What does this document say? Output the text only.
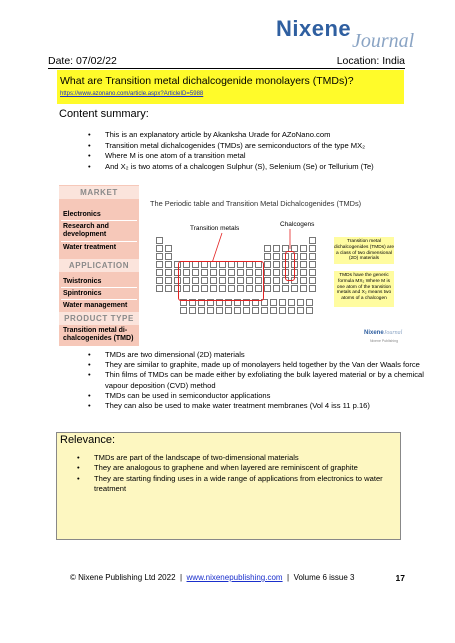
Nixene Journal
Date: 07/02/22	Location: India
What are Transition metal dichalcogenide monolayers (TMDs)?
https://www.azonano.com/article.aspx?ArticleID=5988
Content summary:
• This is an explanatory article by Akanksha Urade for AZoNano.com
• Transition metal dichalcogenides (TMDs) are semiconductors of the type MX₂
• Where M is one atom of a transition metal
• And X₂ is two atoms of a chalcogen Sulphur (S), Selenium (Se) or Tellurium (Te)
MARKET
Electronics
Research and development
Water treatment
APPLICATION
Twistronics
Spintronics
Water management
PRODUCT TYPE
Transition metal di-chalcogenides (TMD)
The Periodic table and Transition Metal Dichalcogenides (TMDs)
Transition metals
Chalcogens
Transition metal dichalcogenides (TMDs) are a class of two dimensional (2D) materials
TMDs have the generic formula MX₂ Where M is one atom of the transition metals and X₂ means two atoms of a chalcogen
NixeneJournal
Nixene Publishing
• TMDs are two dimensional (2D) materials
• They are similar to graphite, made up of monolayers held together by the Van der Waals force
• Thin films of TMDs can be made either by exfoliating the bulk layered material or by a chemical vapour deposition (CVD) method
• TMDs can be used in semiconductor applications
• They can also be used to make water treatment membranes (Vol 4 iss 11 p.16)
Relevance:
• TMDs are part of the landscape of two-dimensional materials
• They are analogous to graphene and when layered are reminiscent of graphite
• They are starting finding uses in a wide range of applications from electronics to water treatment
© Nixene Publishing Ltd 2022 | www.nixenepublishing.com | Volume 6 issue 3	17
